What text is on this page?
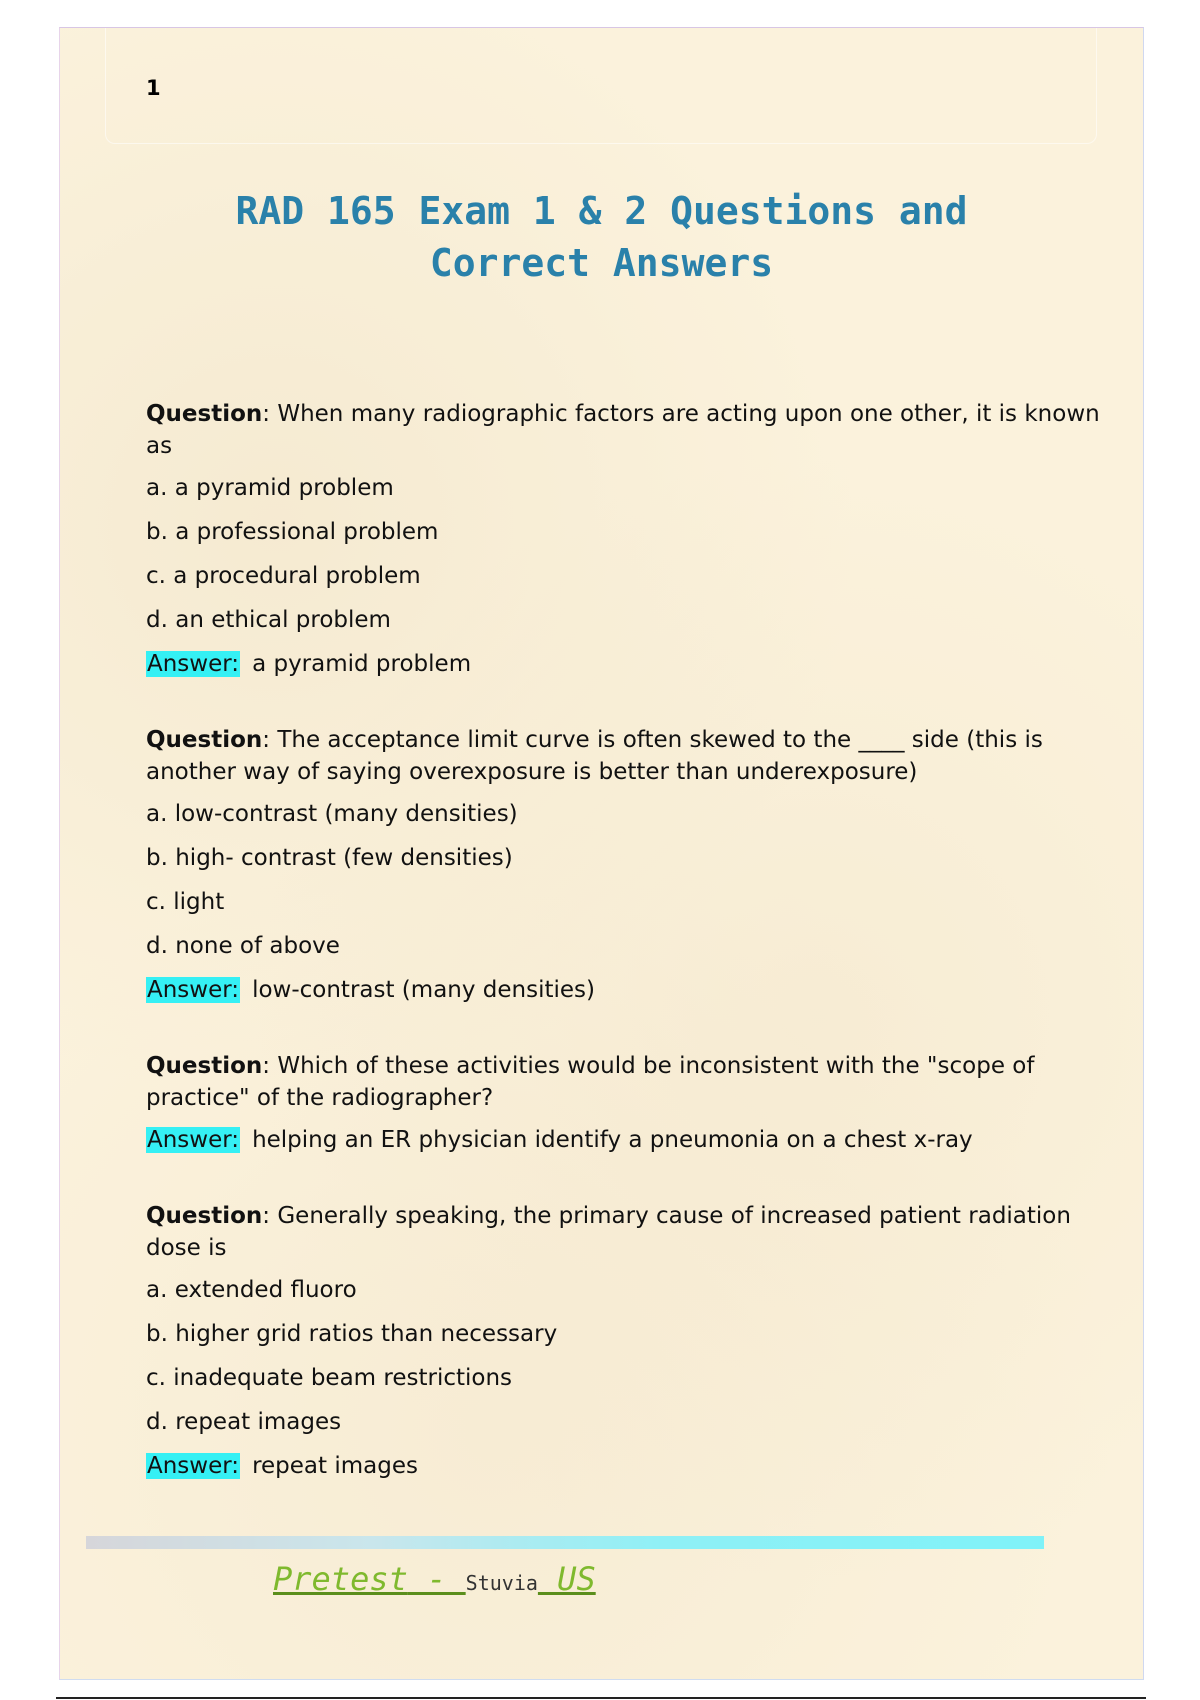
1
RAD 165 Exam 1 & 2 Questions and
Correct Answers

Question: When many radiographic factors are acting upon one other, it is known as

a. a pyramid problem

b. a professional problem

c. a procedural problem

d. an ethical problem

Answer: a pyramid problem

Question: The acceptance limit curve is often skewed to the ____ side (this is another way of saying overexposure is better than underexposure)

a. low-contrast (many densities)

b. high- contrast (few densities)

c. light

d. none of above

Answer: low-contrast (many densities)

Question: Which of these activities would be inconsistent with the "scope of practice" of the radiographer?

Answer: helping an ER physician identify a pneumonia on a chest x-ray

Question: Generally speaking, the primary cause of increased patient radiation dose is

a. extended fluoro

b. higher grid ratios than necessary

c. inadequate beam restrictions

d. repeat images

Answer: repeat images

Pretest - Stuvia US
